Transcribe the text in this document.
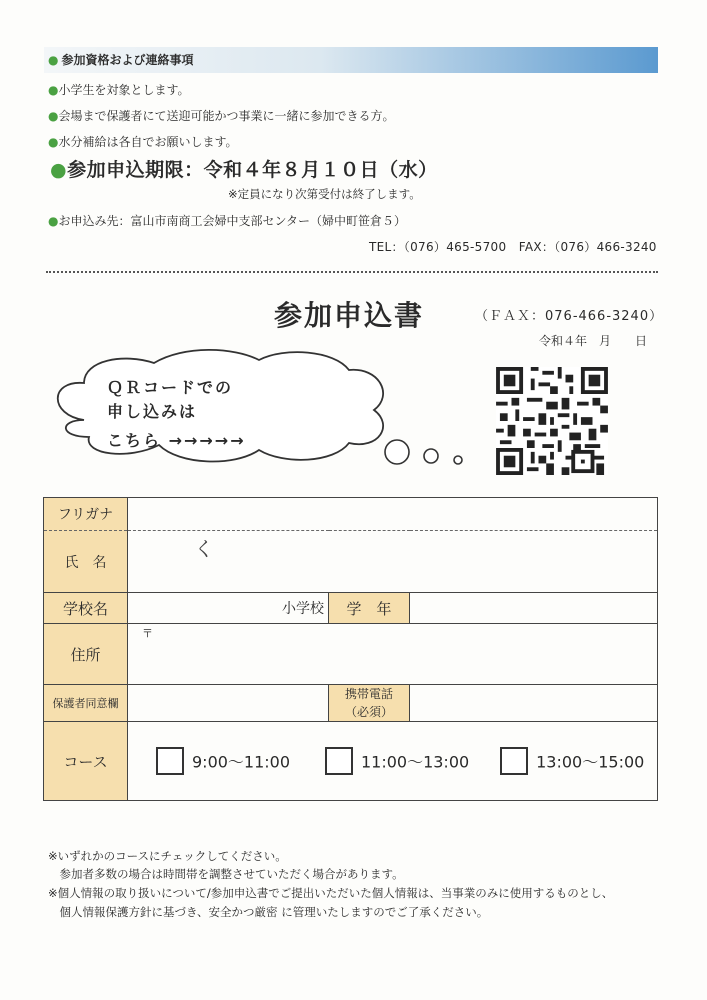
● 参加資格および連絡事項
●小学生を対象とします。
●会場まで保護者にて送迎可能かつ事業に一緒に参加できる方。
●水分補給は各自でお願いします。
●参加申込期限：令和４年８月１０日（水）
※定員になり次第受付は終了します。
●お申込み先：富山市南商工会婦中支部センター（婦中町笹倉５）
TEL：（076）465-5700 FAX：（076）466-3240
参加申込書	（ＦＡＸ：076-466-3240）
令和４年　月　　日
ＱＲコードでの
申し込みは
こちら →→→→→
フリガナ			
氏　名	く		
学校名	小学校	学　年	
住所	〒		
保護者同意欄		携帯電話
（必須）	

コース	9:00～11:00 11:00～13:00 13:00～15:00		
※いずれかのコースにチェックしてください。
　参加者多数の場合は時間帯を調整させていただく場合があります。
※個人情報の取り扱いについて/参加申込書でご提出いただいた個人情報は、当事業のみに使用するものとし、
　個人情報保護方針に基づき、安全かつ厳密 に管理いたしますのでご了承ください。
